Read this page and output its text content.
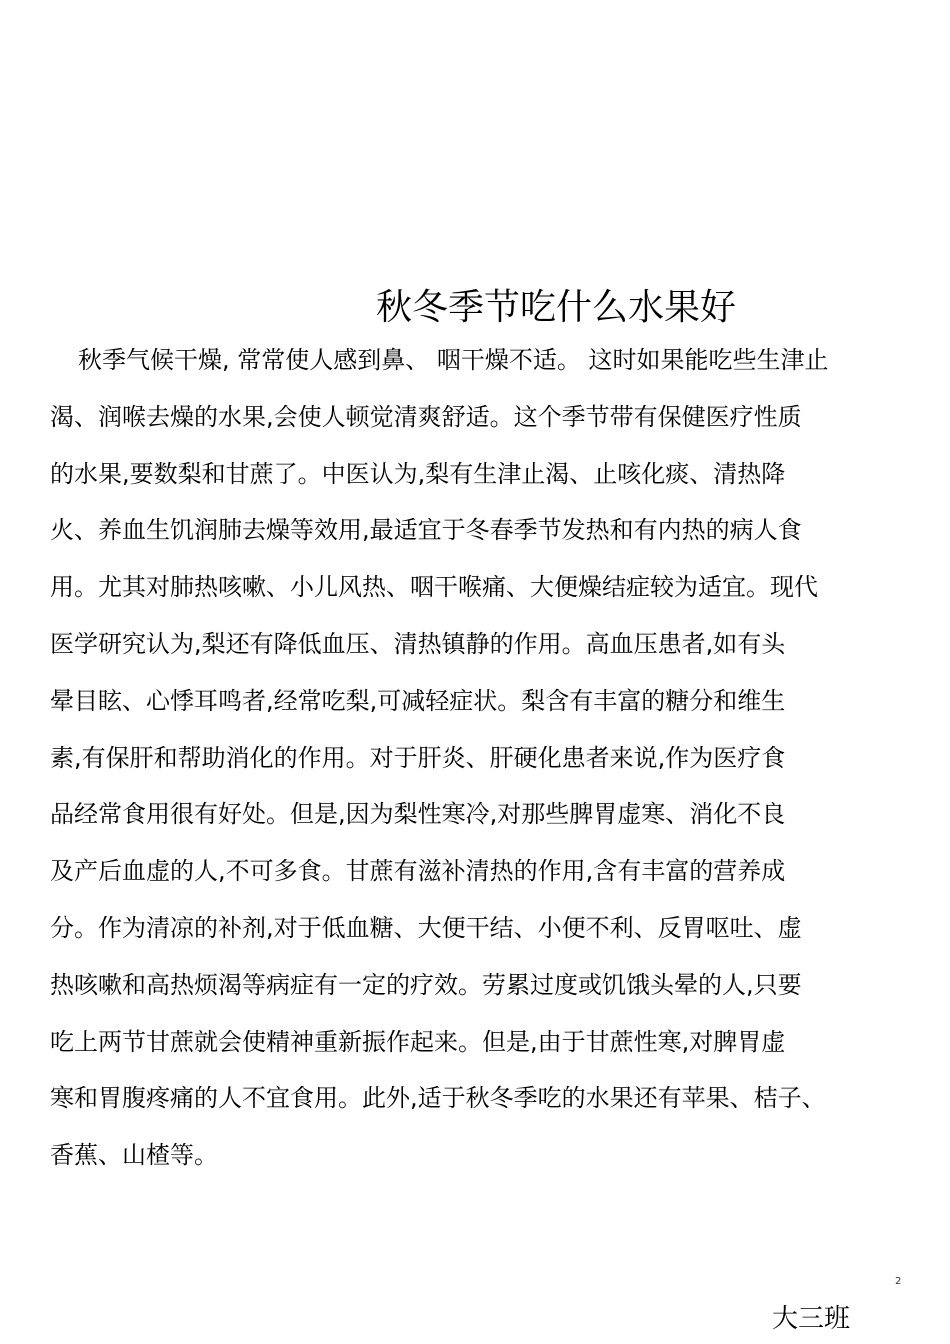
秋冬季节吃什么水果好
秋季气候干燥, 常常使人感到鼻、 咽干燥不适。 这时如果能吃些生津止
渴、润喉去燥的水果,会使人顿觉清爽舒适。这个季节带有保健医疗性质
的水果,要数梨和甘蔗了。中医认为,梨有生津止渴、止咳化痰、清热降
火、养血生饥润肺去燥等效用,最适宜于冬春季节发热和有内热的病人食
用。尤其对肺热咳嗽、小儿风热、咽干喉痛、大便燥结症较为适宜。现代
医学研究认为,梨还有降低血压、清热镇静的作用。高血压患者,如有头
晕目眩、心悸耳鸣者,经常吃梨,可减轻症状。梨含有丰富的糖分和维生
素,有保肝和帮助消化的作用。对于肝炎、肝硬化患者来说,作为医疗食
品经常食用很有好处。但是,因为梨性寒冷,对那些脾胃虚寒、消化不良
及产后血虚的人,不可多食。甘蔗有滋补清热的作用,含有丰富的营养成
分。作为清凉的补剂,对于低血糖、大便干结、小便不利、反胃呕吐、虚
热咳嗽和高热烦渴等病症有一定的疗效。劳累过度或饥饿头晕的人,只要
吃上两节甘蔗就会使精神重新振作起来。但是,由于甘蔗性寒,对脾胃虚
寒和胃腹疼痛的人不宜食用。此外,适于秋冬季吃的水果还有苹果、桔子、
香蕉、山楂等。
2
大三班
